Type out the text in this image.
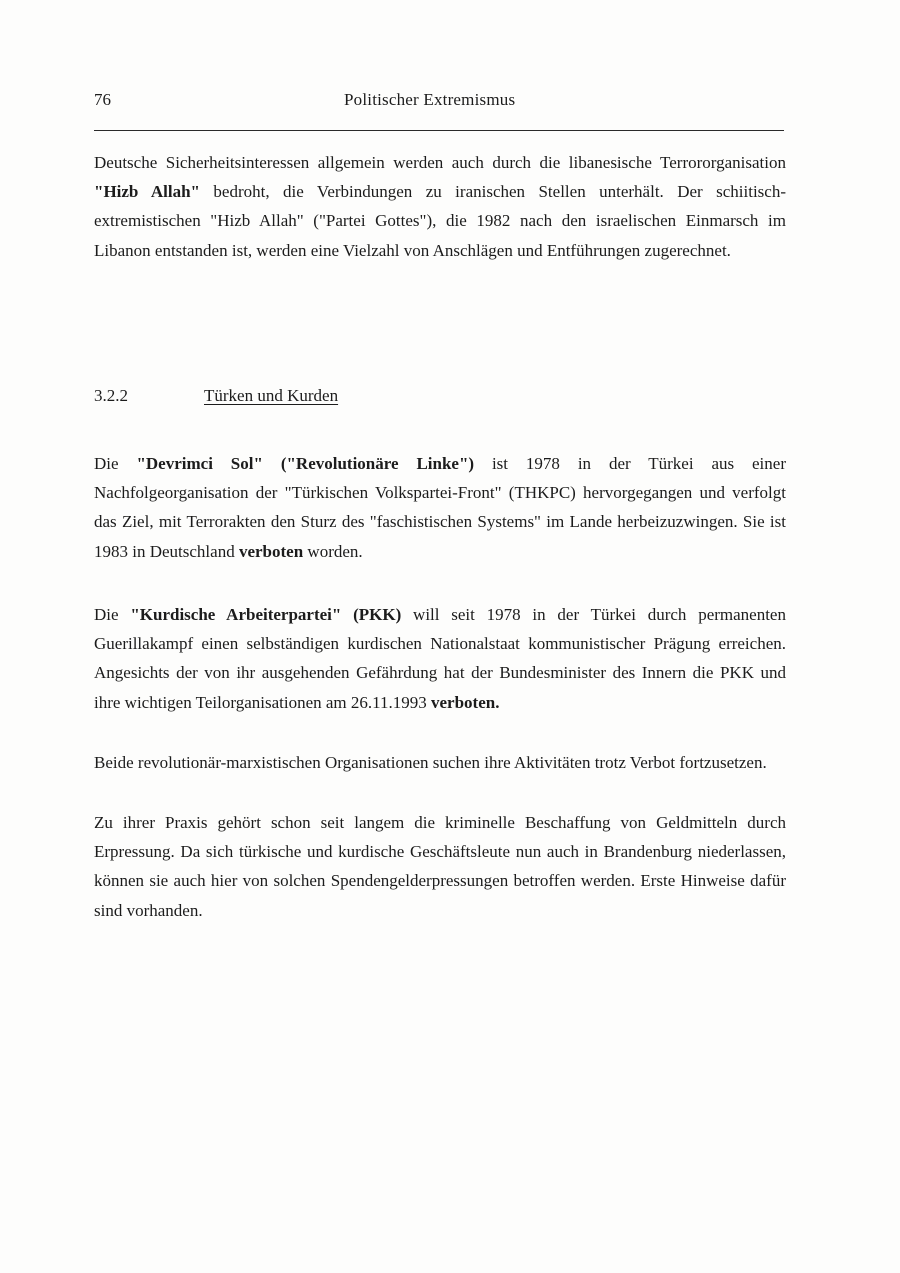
76	Politischer Extremismus

Deutsche Sicherheitsinteressen allgemein werden auch durch die libanesische Terrororganisation "Hizb Allah" bedroht, die Verbindungen zu iranischen Stellen unterhält. Der schiitisch-extremistischen "Hizb Allah" ("Partei Gottes"), die 1982 nach den israelischen Einmarsch im Libanon entstanden ist, werden eine Vielzahl von Anschlägen und Entführungen zugerechnet.

3.2.2	Türken und Kurden

Die "Devrimci Sol" ("Revolutionäre Linke") ist 1978 in der Türkei aus einer Nachfolgeorganisation der "Türkischen Volkspartei-Front" (THKPC) hervorgegangen und verfolgt das Ziel, mit Terrorakten den Sturz des "faschistischen Systems" im Lande herbeizuzwingen. Sie ist 1983 in Deutschland verboten worden.

Die "Kurdische Arbeiterpartei" (PKK) will seit 1978 in der Türkei durch permanenten Guerillakampf einen selbständigen kurdischen Nationalstaat kommunistischer Prägung erreichen. Angesichts der von ihr ausgehenden Gefährdung hat der Bundesminister des Innern die PKK und ihre wichtigen Teilorganisationen am 26.11.1993 verboten.

Beide revolutionär-marxistischen Organisationen suchen ihre Aktivitäten trotz Verbot fortzusetzen.

Zu ihrer Praxis gehört schon seit langem die kriminelle Beschaffung von Geldmitteln durch Erpressung. Da sich türkische und kurdische Geschäftsleute nun auch in Brandenburg niederlassen, können sie auch hier von solchen Spendengelderpressungen betroffen werden. Erste Hinweise dafür sind vorhanden.
